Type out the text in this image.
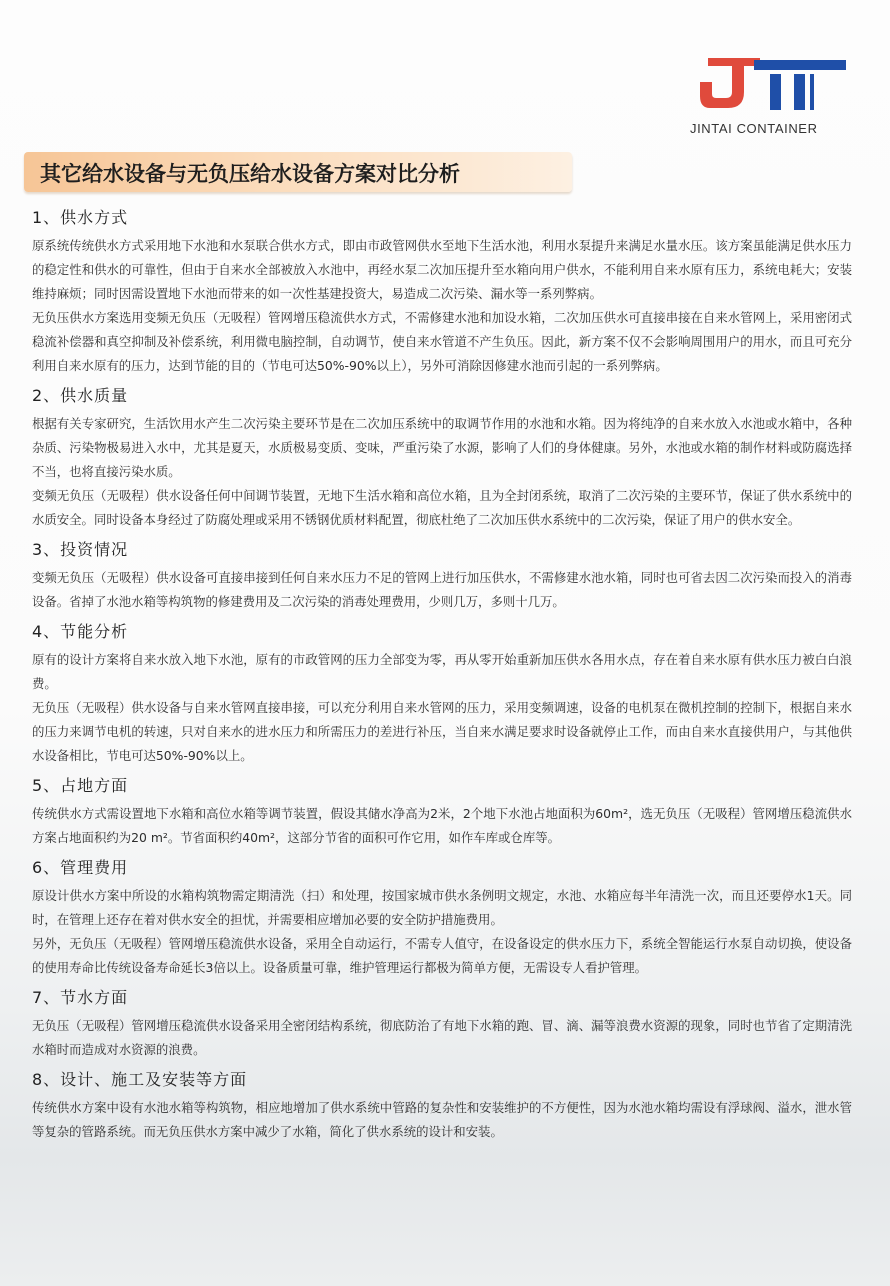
JINTAI CONTAINER
其它给水设备与无负压给水设备方案对比分析
1、供水方式

原系统传统供水方式采用地下水池和水泵联合供水方式，即由市政管网供水至地下生活水池，利用水泵提升来满足水量水压。该方案虽能满足供水压力的稳定性和供水的可靠性，但由于自来水全部被放入水池中，再经水泵二次加压提升至水箱向用户供水，不能利用自来水原有压力，系统电耗大；安装维持麻烦；同时因需设置地下水池而带来的如一次性基建投资大，易造成二次污染、漏水等一系列弊病。

无负压供水方案选用变频无负压（无吸程）管网增压稳流供水方式，不需修建水池和加设水箱，二次加压供水可直接串接在自来水管网上，采用密闭式稳流补偿器和真空抑制及补偿系统，利用微电脑控制，自动调节，使自来水管道不产生负压。因此，新方案不仅不会影响周围用户的用水，而且可充分利用自来水原有的压力，达到节能的目的（节电可达50%-90%以上），另外可消除因修建水池而引起的一系列弊病。

2、供水质量

根据有关专家研究，生活饮用水产生二次污染主要环节是在二次加压系统中的取调节作用的水池和水箱。因为将纯净的自来水放入水池或水箱中，各种杂质、污染物极易进入水中，尤其是夏天，水质极易变质、变味，严重污染了水源，影响了人们的身体健康。另外，水池或水箱的制作材料或防腐选择不当，也将直接污染水质。

变频无负压（无吸程）供水设备任何中间调节装置，无地下生活水箱和高位水箱，且为全封闭系统，取消了二次污染的主要环节，保证了供水系统中的水质安全。同时设备本身经过了防腐处理或采用不锈钢优质材料配置，彻底杜绝了二次加压供水系统中的二次污染，保证了用户的供水安全。

3、投资情况

变频无负压（无吸程）供水设备可直接串接到任何自来水压力不足的管网上进行加压供水，不需修建水池水箱，同时也可省去因二次污染而投入的消毒设备。省掉了水池水箱等构筑物的修建费用及二次污染的消毒处理费用，少则几万，多则十几万。

4、节能分析

原有的设计方案将自来水放入地下水池，原有的市政管网的压力全部变为零，再从零开始重新加压供水各用水点，存在着自来水原有供水压力被白白浪费。

无负压（无吸程）供水设备与自来水管网直接串接，可以充分利用自来水管网的压力，采用变频调速，设备的电机泵在微机控制的控制下，根据自来水的压力来调节电机的转速，只对自来水的进水压力和所需压力的差进行补压，当自来水满足要求时设备就停止工作，而由自来水直接供用户，与其他供水设备相比，节电可达50%-90%以上。

5、占地方面

传统供水方式需设置地下水箱和高位水箱等调节装置，假设其储水净高为2米，2个地下水池占地面积为60m²，选无负压（无吸程）管网增压稳流供水方案占地面积约为20 m²。节省面积约40m²，这部分节省的面积可作它用，如作车库或仓库等。

6、管理费用

原设计供水方案中所设的水箱构筑物需定期清洗（扫）和处理，按国家城市供水条例明文规定，水池、水箱应每半年清洗一次，而且还要停水1天。同时，在管理上还存在着对供水安全的担忧，并需要相应增加必要的安全防护措施费用。

另外，无负压（无吸程）管网增压稳流供水设备，采用全自动运行，不需专人值守，在设备设定的供水压力下，系统全智能运行水泵自动切换，使设备的使用寿命比传统设备寿命延长3倍以上。设备质量可靠，维护管理运行都极为简单方便，无需设专人看护管理。

7、节水方面

无负压（无吸程）管网增压稳流供水设备采用全密闭结构系统，彻底防治了有地下水箱的跑、冒、滴、漏等浪费水资源的现象，同时也节省了定期清洗水箱时而造成对水资源的浪费。

8、设计、施工及安装等方面

传统供水方案中设有水池水箱等构筑物，相应地增加了供水系统中管路的复杂性和安装维护的不方便性，因为水池水箱均需设有浮球阀、溢水，泄水管等复杂的管路系统。而无负压供水方案中减少了水箱，简化了供水系统的设计和安装。
